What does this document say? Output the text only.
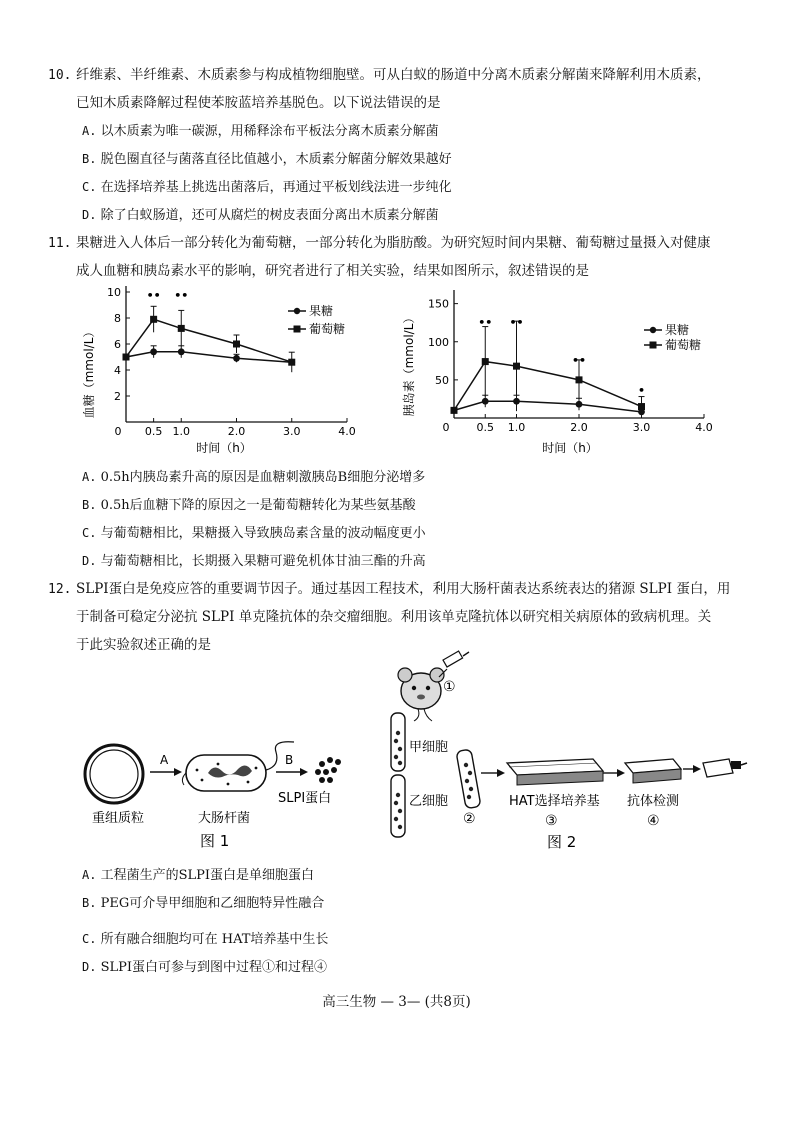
10. 纤维素、半纤维素、木质素参与构成植物细胞壁。可从白蚁的肠道中分离木质素分解菌来降解利用木质素，
已知木质素降解过程使苯胺蓝培养基脱色。以下说法错误的是
A. 以木质素为唯一碳源，用稀释涂布平板法分离木质素分解菌
B. 脱色圈直径与菌落直径比值越小，木质素分解菌分解效果越好
C. 在选择培养基上挑选出菌落后，再通过平板划线法进一步纯化
D. 除了白蚁肠道，还可从腐烂的树皮表面分离出木质素分解菌
11. 果糖进入人体后一部分转化为葡萄糖，一部分转化为脂肪酸。为研究短时间内果糖、葡萄糖过量摄入对健康
成人血糖和胰岛素水平的影响，研究者进行了相关实验，结果如图所示，叙述错误的是
0 0.5 1.0	2.0	3.0	4.0
2
4
6
8
10 •• ••
血糖（mmol/L）
时间（h）
果糖
葡萄糖
0 0.5 1.0	2.0	3.0	4.0
50
100
150
•• ••
••
•
胰岛素（mmol/L）
时间（h）
果糖
葡萄糖
A. 0.5h内胰岛素升高的原因是血糖刺激胰岛B细胞分泌增多
B. 0.5h后血糖下降的原因之一是葡萄糖转化为某些氨基酸
C. 与葡萄糖相比，果糖摄入导致胰岛素含量的波动幅度更小
D. 与葡萄糖相比，长期摄入果糖可避免机体甘油三酯的升高
12. SLPI蛋白是免疫应答的重要调节因子。通过基因工程技术，利用大肠杆菌表达系统表达的猪源 SLPI 蛋白，用
于制备可稳定分泌抗 SLPI 单克隆抗体的杂交瘤细胞。利用该单克隆抗体以研究相关病原体的致病机理。关
于此实验叙述正确的是
A	B
重组质粒	大肠杆菌
SLPⅠ蛋白
图 1
①
甲细胞
乙细胞
②
HAT选择培养基
③
抗体检测
④
图 2
A. 工程菌生产的SLPI蛋白是单细胞蛋白
B. PEG可介导甲细胞和乙细胞特异性融合
C. 所有融合细胞均可在 HAT培养基中生长
D. SLPI蛋白可参与到图中过程①和过程④
高三生物 — 3— (共8页)
